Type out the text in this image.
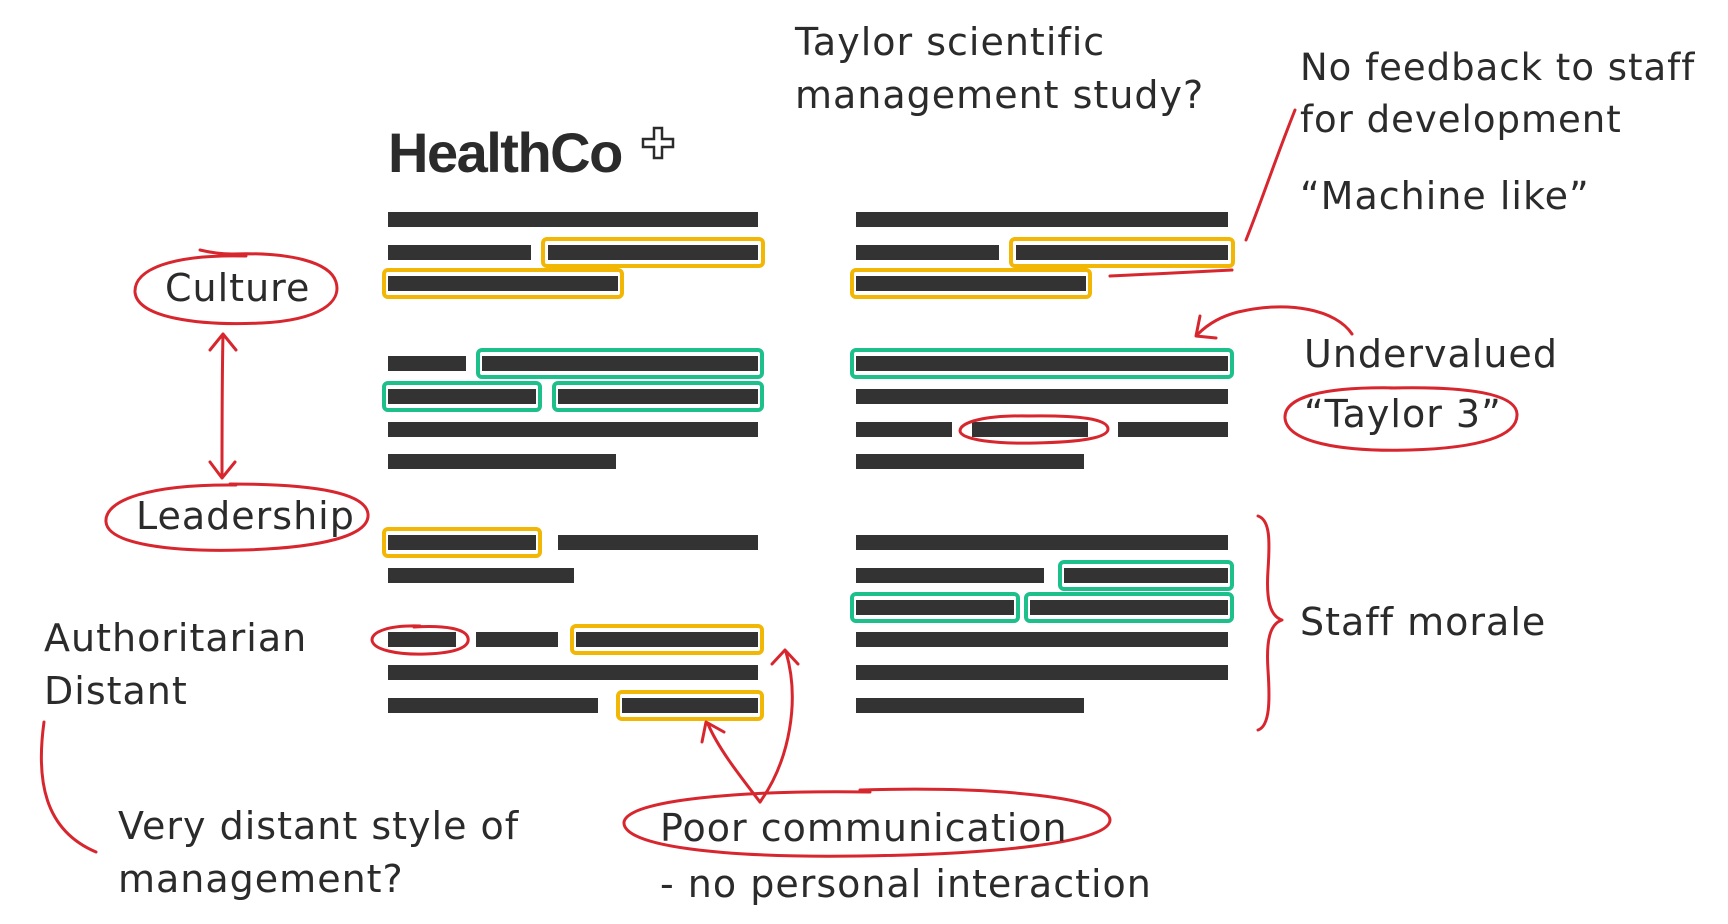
HealthCo
Taylor scientific
management study?
No feedback to staff
for development
“Machine like”
Culture
Leadership
Undervalued
“Taylor 3”
Staff morale
Authoritarian
Distant
Very distant style of
management?
Poor communication
- no personal interaction
